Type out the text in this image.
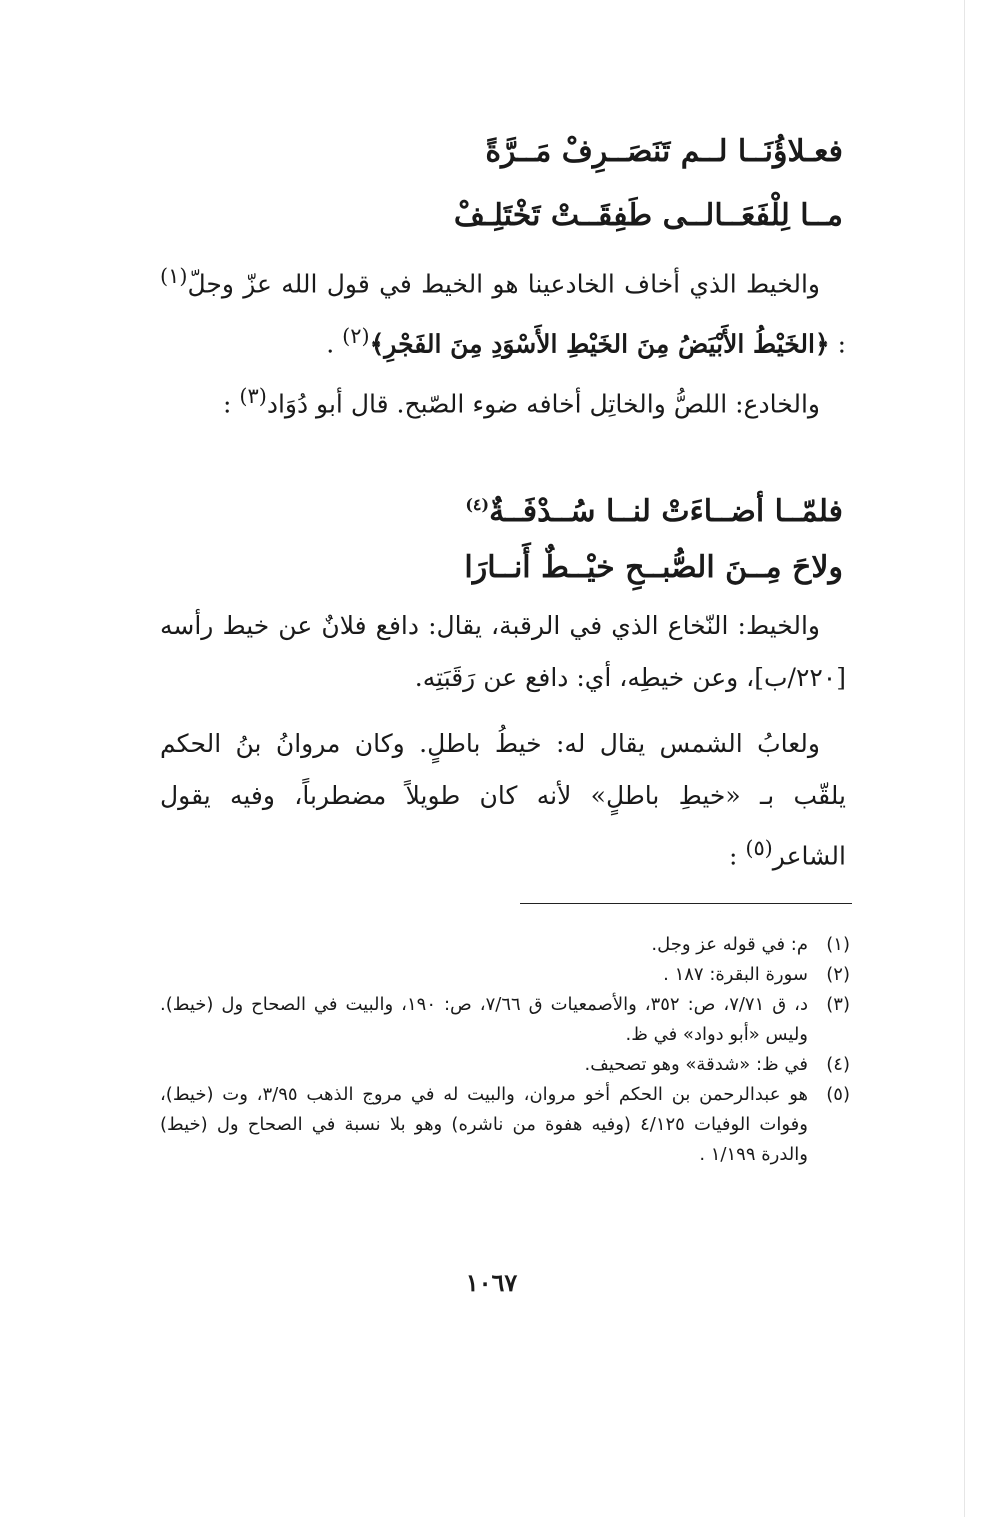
فعـلاؤُنَــا لــم تَنَصَــرِفْ مَــرَّةً
مــا لِلْفَعَــالــى طَفِقَــتْ تَخْتَلِـفْ
والخيط الذي أخاف الخادعينا هو الخيط في قول الله عزّ وجلّ$^{(١)}$ : ﴿الخَيْطُ الأَبْيَضُ مِنَ الخَيْطِ الأَسْوَدِ مِنَ الفَجْرِ﴾$^{(٢)}$ .
والخادع: اللصُّ والخاتِل أخافه ضوء الصّبح. قال أبو دُوَاد$^{(٣)}$ :
فلمّــا أضــاءَتْ لنــا سُــدْفَــةٌ$^{(٤)}$
ولاحَ مِــنَ الصُّبــحِ خيْــطٌ أَنــارَا
والخيط: النّخاع الذي في الرقبة، يقال: دافع فلانٌ عن خيط رأسه [٢٢٠/ب]، وعن خيطِه، أي: دافع عن رَقَبَتِه.
ولعابُ الشمس يقال له: خيطُ باطلٍ. وكان مروانُ بنُ الحكم يلقّب بـ «خيطِ باطلٍ» لأنه كان طويلاً مضطرباً، وفيه يقول الشاعر$^{(٥)}$ :
(١)
م: في قوله عز وجل.
(٢)
سورة البقرة: ١٨٧ .
(٣)
د، ق ٧/٧١، ص: ٣٥٢، والأصمعيات ق ٧/٦٦، ص: ١٩٠، والبيت في الصحاح ول (خيط). وليس «أبو دواد» في ظ.
(٤)
في ظ: «شدقة» وهو تصحيف.
(٥)
هو عبدالرحمن بن الحكم أخو مروان، والبيت له في مروج الذهب ٣/٩٥، وت (خيط)، وفوات الوفيات ٤/١٢٥ (وفيه هفوة من ناشره) وهو بلا نسبة في الصحاح ول (خيط) والدرة ١/١٩٩ .
١٠٦٧
